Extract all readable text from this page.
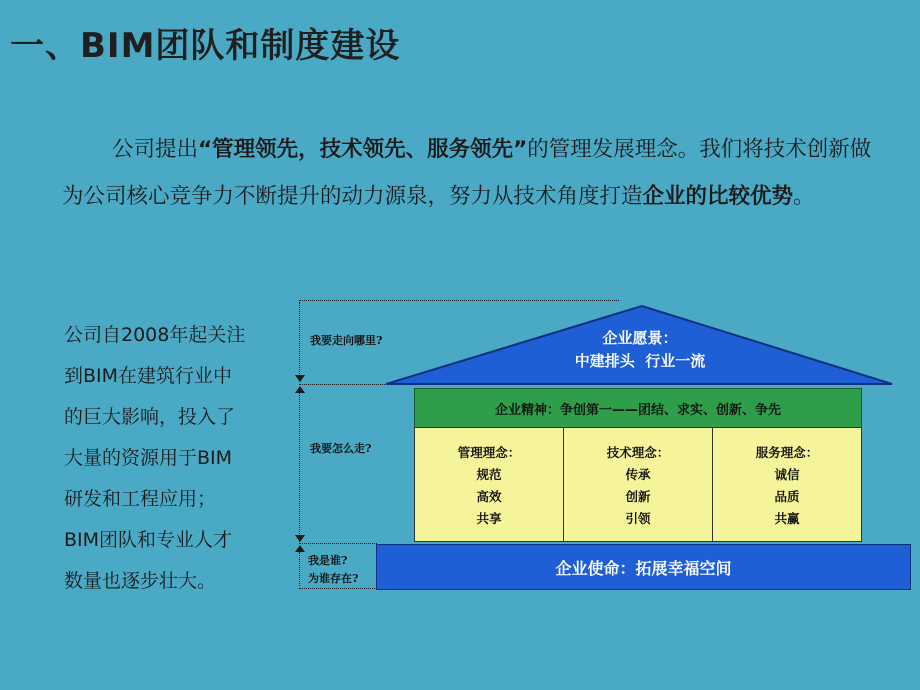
一、BIM团队和制度建设
公司提出“管理领先，技术领先、服务领先”的管理发展理念。我们将技术创新做为公司核心竞争力不断提升的动力源泉，努力从技术角度打造企业的比较优势。

公司自2008年起关注

到BIM在建筑行业中

的巨大影响，投入了

大量的资源用于BIM

研发和工程应用；

BIM团队和专业人才

数量也逐步壮大。

我要走向哪里?
我要怎么走?
我是谁?
为谁存在?
企业愿景：
中建排头  行业一流
企业精神：争创第一——团结、求实、创新、争先
管理理念：
规范
高效
共享
技术理念：
传承
创新
引领
服务理念：
诚信
品质
共赢
企业使命：拓展幸福空间
